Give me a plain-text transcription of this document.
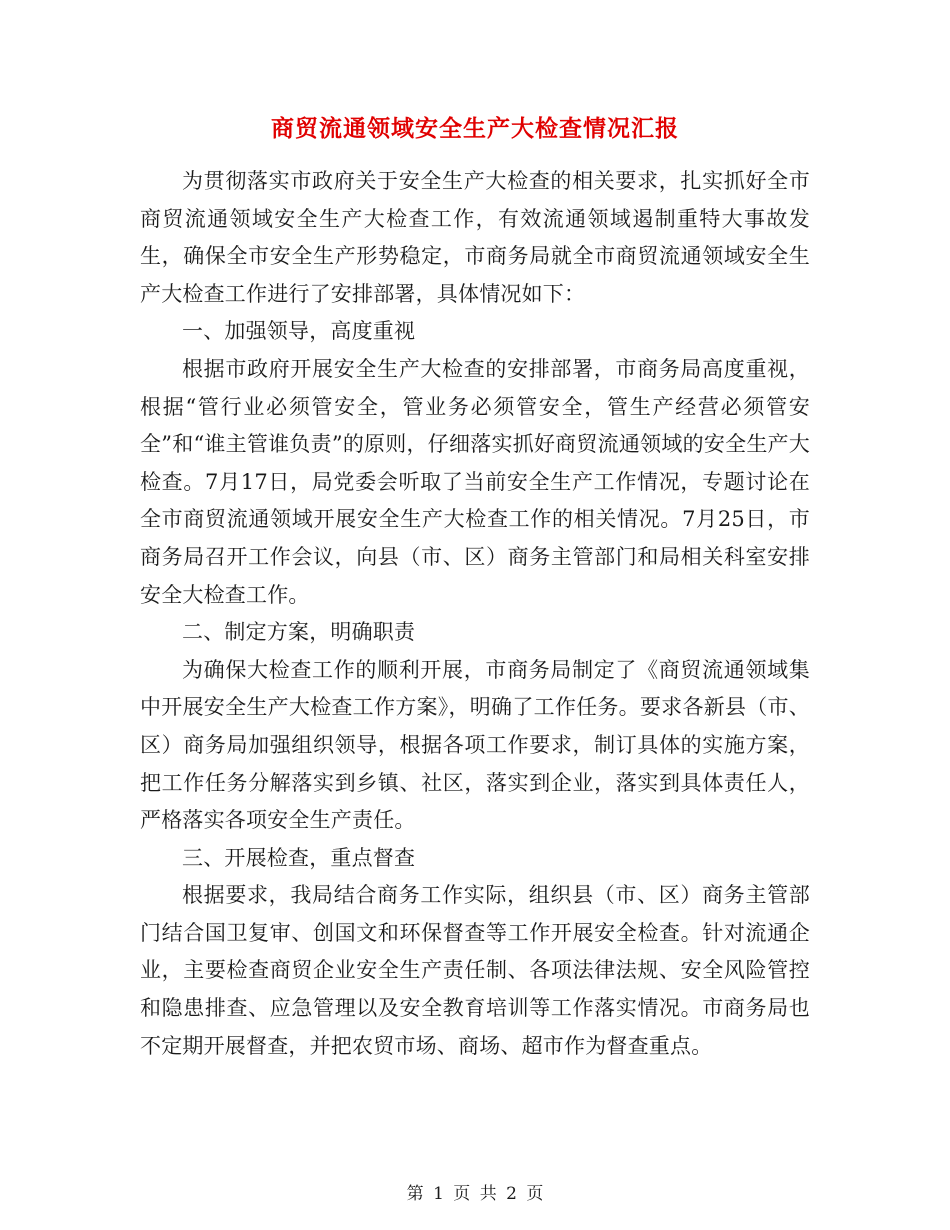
商贸流通领域安全生产大检查情况汇报

为贯彻落实市政府关于安全生产大检查的相关要求，扎实抓好全市商贸流通领域安全生产大检查工作，有效流通领域遏制重特大事故发生，确保全市安全生产形势稳定，市商务局就全市商贸流通领域安全生产大检查工作进行了安排部署，具体情况如下：

一、加强领导，高度重视

根据市政府开展安全生产大检查的安排部署，市商务局高度重视，根据“管行业必须管安全，管业务必须管安全，管生产经营必须管安全”和“谁主管谁负责”的原则，仔细落实抓好商贸流通领域的安全生产大检查。7月17日，局党委会听取了当前安全生产工作情况，专题讨论在全市商贸流通领域开展安全生产大检查工作的相关情况。7月25日，市商务局召开工作会议，向县（市、区）商务主管部门和局相关科室安排安全大检查工作。

二、制定方案，明确职责

为确保大检查工作的顺利开展，市商务局制定了《商贸流通领域集中开展安全生产大检查工作方案》，明确了工作任务。要求各新县（市、区）商务局加强组织领导，根据各项工作要求，制订具体的实施方案，把工作任务分解落实到乡镇、社区，落实到企业，落实到具体责任人，严格落实各项安全生产责任。

三、开展检查，重点督查

根据要求，我局结合商务工作实际，组织县（市、区）商务主管部门结合国卫复审、创国文和环保督查等工作开展安全检查。针对流通企业，主要检查商贸企业安全生产责任制、各项法律法规、安全风险管控和隐患排查、应急管理以及安全教育培训等工作落实情况。市商务局也不定期开展督查，并把农贸市场、商场、超市作为督查重点。

第 1 页 共 2 页
